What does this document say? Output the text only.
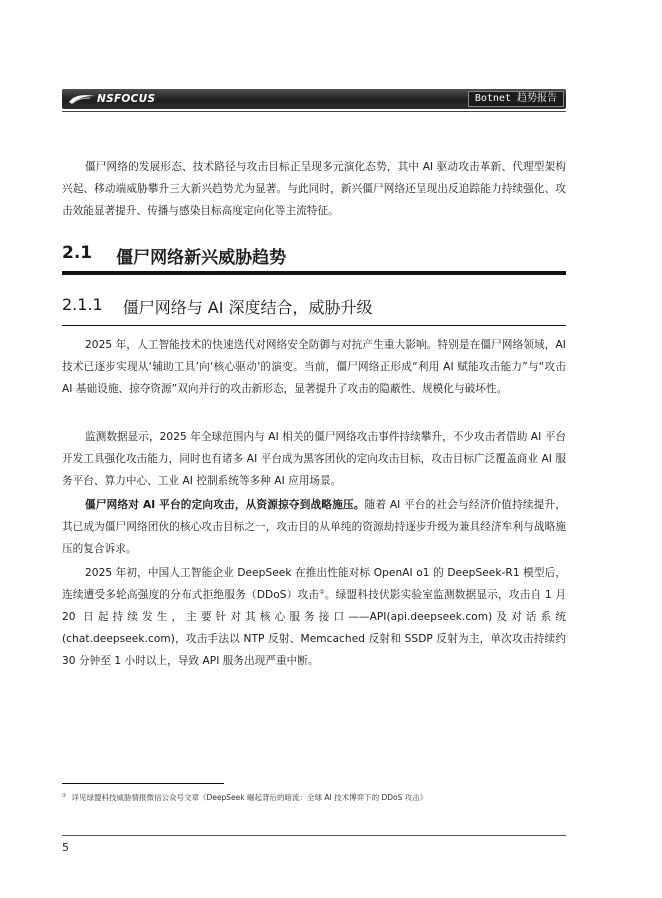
NSFOCUS	Botnet 趋势报告

僵尸网络的发展形态、技术路径与攻击目标正呈现多元演化态势，其中 AI 驱动攻击革新、代理型架构兴起、移动端威胁攀升三大新兴趋势尤为显著。与此同时，新兴僵尸网络还呈现出反追踪能力持续强化、攻击效能显著提升、传播与感染目标高度定向化等主流特征。

2.1 僵尸网络新兴威胁趋势
2.1.1 僵尸网络与 AI 深度结合，威胁升级

2025 年，人工智能技术的快速迭代对网络安全防御与对抗产生重大影响。特别是在僵尸网络领域，AI 技术已逐步实现从‘辅助工具’向‘核心驱动’的演变。当前，僵尸网络正形成“利用 AI 赋能攻击能力”与“攻击 AI 基础设施、掠夺资源”双向并行的攻击新形态，显著提升了攻击的隐蔽性、规模化与破坏性。

监测数据显示，2025 年全球范围内与 AI 相关的僵尸网络攻击事件持续攀升，不少攻击者借助 AI 平台开发工具强化攻击能力，同时也有诸多 AI 平台成为黑客团伙的定向攻击目标，攻击目标广泛覆盖商业 AI 服务平台、算力中心、工业 AI 控制系统等多种 AI 应用场景。

僵尸网络对 AI 平台的定向攻击，从资源掠夺到战略施压。随着 AI 平台的社会与经济价值持续提升，其已成为僵尸网络团伙的核心攻击目标之一，攻击目的从单纯的资源劫持逐步升级为兼具经济牟利与战略施压的复合诉求。

2025 年初，中国人工智能企业 DeepSeek 在推出性能对标 OpenAI o1 的 DeepSeek-R1 模型后，连续遭受多轮高强度的分布式拒绝服务（DDoS）攻击①。绿盟科技伏影实验室监测数据显示，攻击自 1 月 20 日起持续发生，主要针对其核心服务接口——API(api.deepseek.com)及对话系统(chat.deepseek.com)，攻击手法以 NTP 反射、Memcached 反射和 SSDP 反射为主，单次攻击持续约 30 分钟至 1 小时以上，导致 API 服务出现严重中断。

① 详见绿盟科技威胁情报微信公众号文章《DeepSeek 崛起背后的暗流：全球 AI 技术博弈下的 DDoS 攻击》
5
